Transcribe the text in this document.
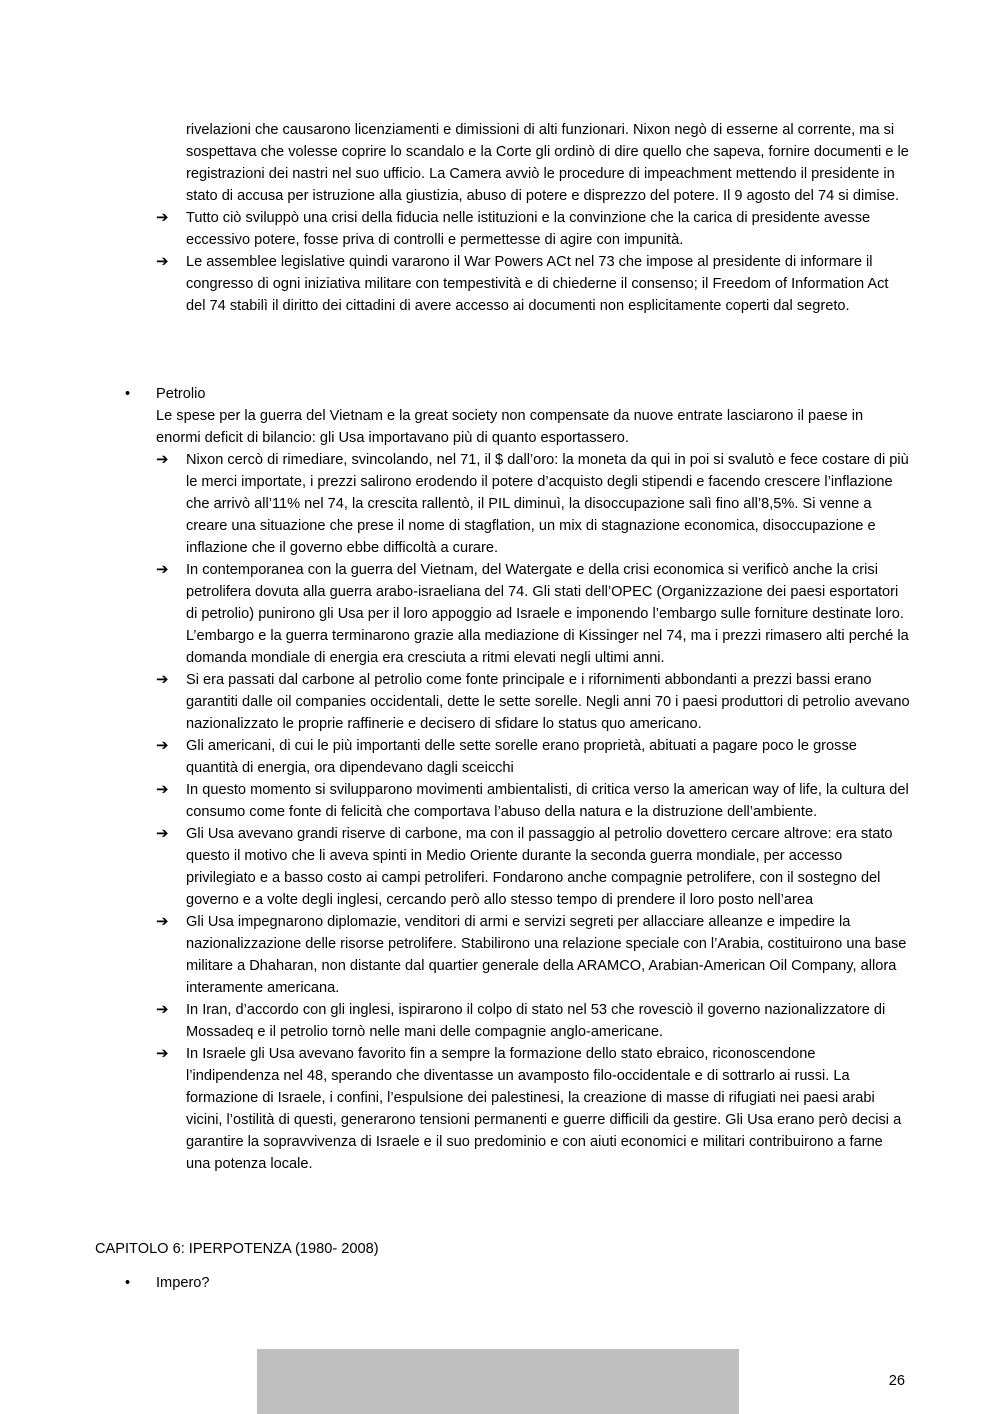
rivelazioni che causarono licenziamenti e dimissioni di alti funzionari. Nixon negò di esserne al corrente, ma si sospettava che volesse coprire lo scandalo e la Corte gli ordinò di dire quello che sapeva, fornire documenti e le registrazioni dei nastri nel suo ufficio. La Camera avviò le procedure di impeachment mettendo il presidente in stato di accusa per istruzione alla giustizia, abuso di potere e disprezzo del potere. Il 9 agosto del 74 si dimise.

➔ Tutto ciò sviluppò una crisi della fiducia nelle istituzioni e la convinzione che la carica di presidente avesse eccessivo potere, fosse priva di controlli e permettesse di agire con impunità.
➔ Le assemblee legislative quindi vararono il War Powers ACt nel 73 che impose al presidente di informare il congresso di ogni iniziativa militare con tempestività e di chiederne il consenso; il Freedom of Information Act del 74 stabilì il diritto dei cittadini di avere accesso ai documenti non esplicitamente coperti dal segreto.
• Petrolio

Le spese per la guerra del Vietnam e la great society non compensate da nuove entrate lasciarono il paese in enormi deficit di bilancio: gli Usa importavano più di quanto esportassero.

➔ Nixon cercò di rimediare, svincolando, nel 71, il $ dall’oro: la moneta da qui in poi si svalutò e fece costare di più le merci importate, i prezzi salirono erodendo il potere d’acquisto degli stipendi e facendo crescere l’inflazione che arrivò all’11% nel 74, la crescita rallentò, il PIL diminuì, la disoccupazione salì fino all’8,5%. Si venne a creare una situazione che prese il nome di stagflation, un mix di stagnazione economica, disoccupazione e inflazione che il governo ebbe difficoltà a curare.
➔ In contemporanea con la guerra del Vietnam, del Watergate e della crisi economica si verificò anche la crisi petrolifera dovuta alla guerra arabo-israeliana del 74. Gli stati dell’OPEC (Organizzazione dei paesi esportatori di petrolio) punirono gli Usa per il loro appoggio ad Israele e imponendo l’embargo sulle forniture destinate loro. L’embargo e la guerra terminarono grazie alla mediazione di Kissinger nel 74, ma i prezzi rimasero alti perché la domanda mondiale di energia era cresciuta a ritmi elevati negli ultimi anni.
➔ Si era passati dal carbone al petrolio come fonte principale e i rifornimenti abbondanti a prezzi bassi erano garantiti dalle oil companies occidentali, dette le sette sorelle. Negli anni 70 i paesi produttori di petrolio avevano nazionalizzato le proprie raffinerie e decisero di sfidare lo status quo americano.
➔ Gli americani, di cui le più importanti delle sette sorelle erano proprietà, abituati a pagare poco le grosse quantità di energia, ora dipendevano dagli sceicchi
➔ In questo momento si svilupparono movimenti ambientalisti, di critica verso la american way of life, la cultura del consumo come fonte di felicità che comportava l’abuso della natura e la distruzione dell’ambiente.
➔ Gli Usa avevano grandi riserve di carbone, ma con il passaggio al petrolio dovettero cercare altrove: era stato questo il motivo che li aveva spinti in Medio Oriente durante la seconda guerra mondiale, per accesso privilegiato e a basso costo ai campi petroliferi. Fondarono anche compagnie petrolifere, con il sostegno del governo e a volte degli inglesi, cercando però allo stesso tempo di prendere il loro posto nell’area
➔ Gli Usa impegnarono diplomazie, venditori di armi e servizi segreti per allacciare alleanze e impedire la nazionalizzazione delle risorse petrolifere. Stabilirono una relazione speciale con l’Arabia, costituirono una base militare a Dhaharan, non distante dal quartier generale della ARAMCO, Arabian-American Oil Company, allora interamente americana.
➔ In Iran, d’accordo con gli inglesi, ispirarono il colpo di stato nel 53 che rovesciò il governo nazionalizzatore di Mossadeq e il petrolio tornò nelle mani delle compagnie anglo-americane.
➔ In Israele gli Usa avevano favorito fin a sempre la formazione dello stato ebraico, riconoscendone l’indipendenza nel 48, sperando che diventasse un avamposto filo-occidentale e di sottrarlo ai russi. La formazione di Israele, i confini, l’espulsione dei palestinesi, la creazione di masse di rifugiati nei paesi arabi vicini, l’ostilità di questi, generarono tensioni permanenti e guerre difficili da gestire. Gli Usa erano però decisi a garantire la sopravvivenza di Israele e il suo predominio e con aiuti economici e militari contribuirono a farne una potenza locale.
CAPITOLO 6: IPERPOTENZA (1980- 2008)
• Impero?

26
